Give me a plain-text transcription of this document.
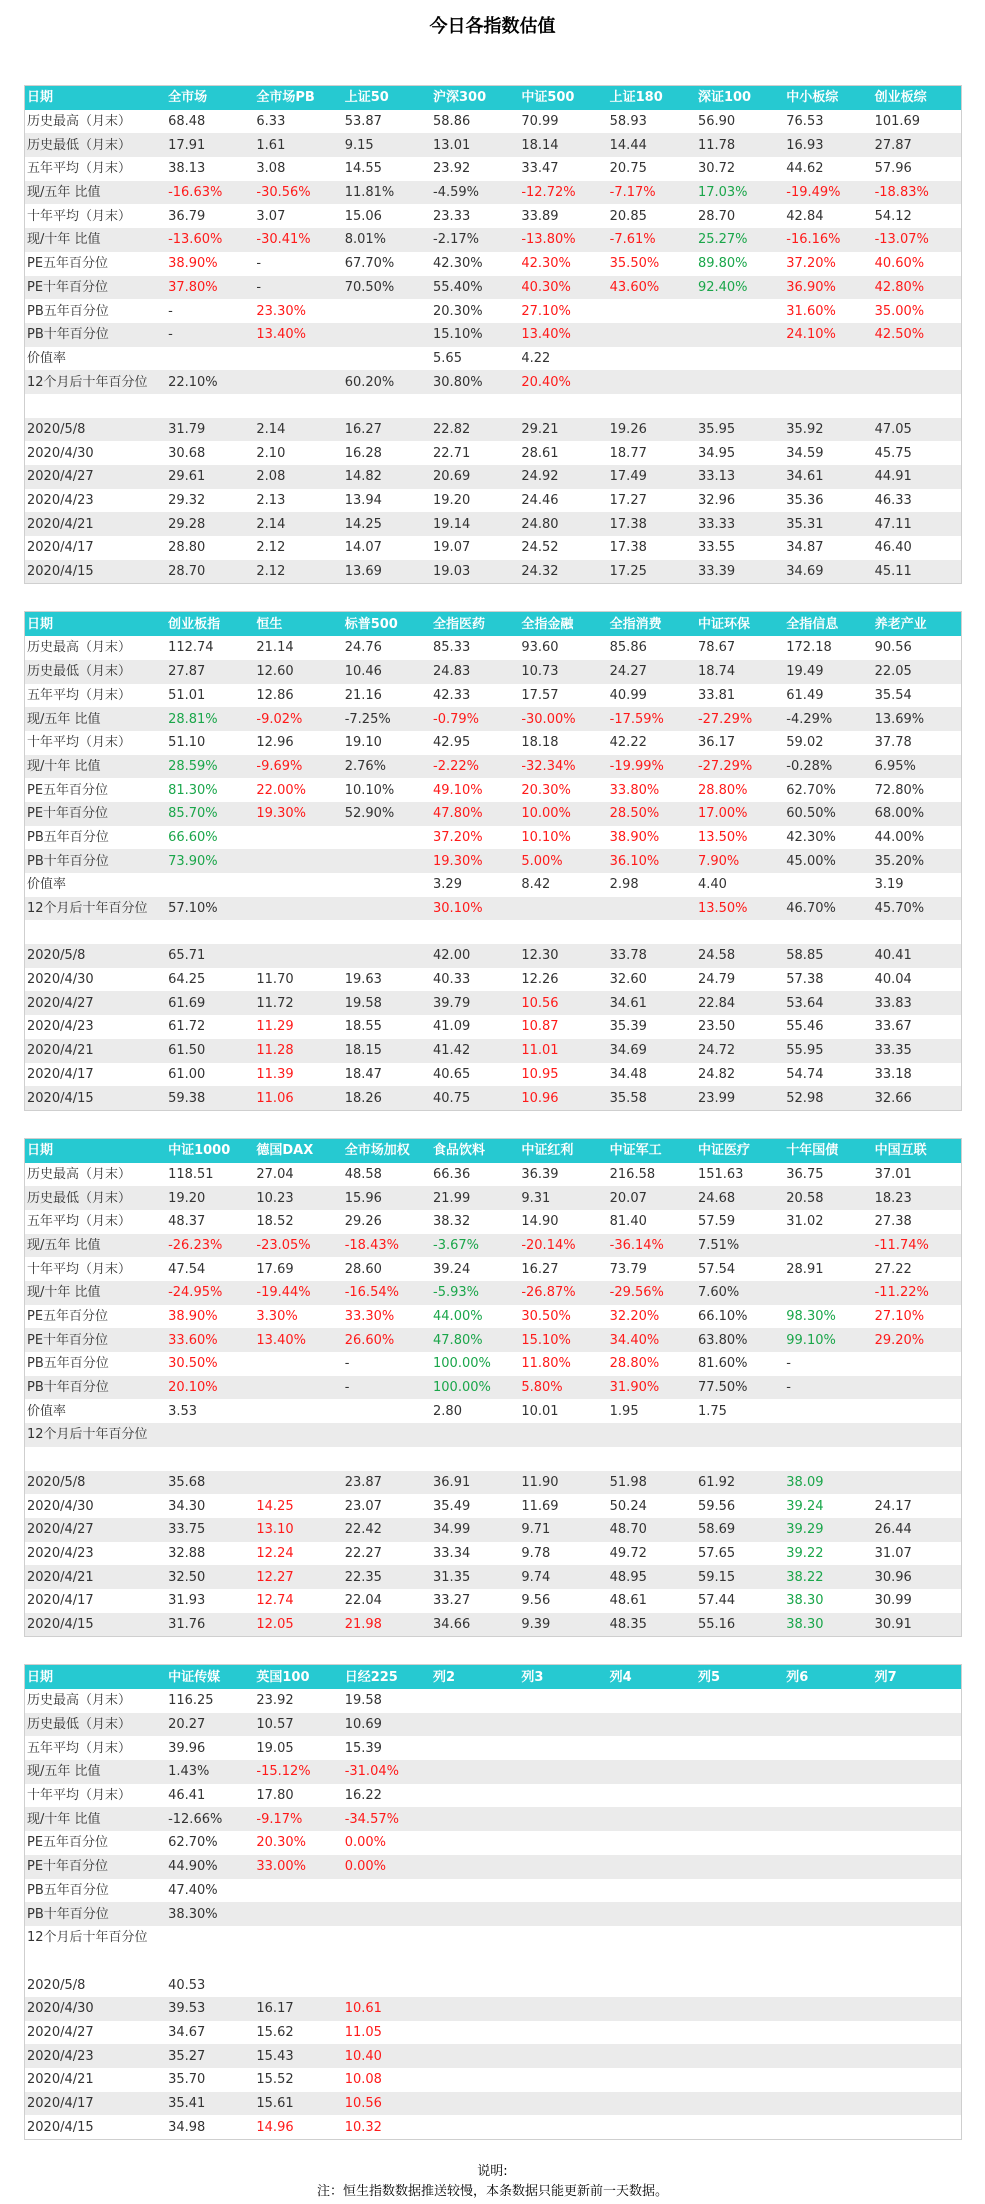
今日各指数估值
日期	全市场	全市场PB	上证50	沪深300	中证500	上证180	深证100	中小板综	创业板综
历史最高（月末）	68.48	6.33	53.87	58.86	70.99	58.93	56.90	76.53	101.69
历史最低（月末）	17.91	1.61	9.15	13.01	18.14	14.44	11.78	16.93	27.87
五年平均（月末）	38.13	3.08	14.55	23.92	33.47	20.75	30.72	44.62	57.96
现/五年 比值	-16.63%	-30.56%	11.81%	-4.59%	-12.72%	-7.17%	17.03%	-19.49%	-18.83%
十年平均（月末）	36.79	3.07	15.06	23.33	33.89	20.85	28.70	42.84	54.12
现/十年 比值	-13.60%	-30.41%	8.01%	-2.17%	-13.80%	-7.61%	25.27%	-16.16%	-13.07%
PE五年百分位	38.90%	-	67.70%	42.30%	42.30%	35.50%	89.80%	37.20%	40.60%
PE十年百分位	37.80%	-	70.50%	55.40%	40.30%	43.60%	92.40%	36.90%	42.80%
PB五年百分位	-	23.30%		20.30%	27.10%			31.60%	35.00%
PB十年百分位	-	13.40%		15.10%	13.40%			24.10%	42.50%
价值率				5.65	4.22				
12个月后十年百分位	22.10%		60.20%	30.80%	20.40%				

2020/5/8	31.79	2.14	16.27	22.82	29.21	19.26	35.95	35.92	47.05
2020/4/30	30.68	2.10	16.28	22.71	28.61	18.77	34.95	34.59	45.75
2020/4/27	29.61	2.08	14.82	20.69	24.92	17.49	33.13	34.61	44.91
2020/4/23	29.32	2.13	13.94	19.20	24.46	17.27	32.96	35.36	46.33
2020/4/21	29.28	2.14	14.25	19.14	24.80	17.38	33.33	35.31	47.11
2020/4/17	28.80	2.12	14.07	19.07	24.52	17.38	33.55	34.87	46.40
2020/4/15	28.70	2.12	13.69	19.03	24.32	17.25	33.39	34.69	45.11
日期	创业板指	恒生	标普500	全指医药	全指金融	全指消费	中证环保	全指信息	养老产业
历史最高（月末）	112.74	21.14	24.76	85.33	93.60	85.86	78.67	172.18	90.56
历史最低（月末）	27.87	12.60	10.46	24.83	10.73	24.27	18.74	19.49	22.05
五年平均（月末）	51.01	12.86	21.16	42.33	17.57	40.99	33.81	61.49	35.54
现/五年 比值	28.81%	-9.02%	-7.25%	-0.79%	-30.00%	-17.59%	-27.29%	-4.29%	13.69%
十年平均（月末）	51.10	12.96	19.10	42.95	18.18	42.22	36.17	59.02	37.78
现/十年 比值	28.59%	-9.69%	2.76%	-2.22%	-32.34%	-19.99%	-27.29%	-0.28%	6.95%
PE五年百分位	81.30%	22.00%	10.10%	49.10%	20.30%	33.80%	28.80%	62.70%	72.80%
PE十年百分位	85.70%	19.30%	52.90%	47.80%	10.00%	28.50%	17.00%	60.50%	68.00%
PB五年百分位	66.60%			37.20%	10.10%	38.90%	13.50%	42.30%	44.00%
PB十年百分位	73.90%			19.30%	5.00%	36.10%	7.90%	45.00%	35.20%
价值率				3.29	8.42	2.98	4.40		3.19
12个月后十年百分位	57.10%			30.10%			13.50%	46.70%	45.70%

2020/5/8	65.71			42.00	12.30	33.78	24.58	58.85	40.41
2020/4/30	64.25	11.70	19.63	40.33	12.26	32.60	24.79	57.38	40.04
2020/4/27	61.69	11.72	19.58	39.79	10.56	34.61	22.84	53.64	33.83
2020/4/23	61.72	11.29	18.55	41.09	10.87	35.39	23.50	55.46	33.67
2020/4/21	61.50	11.28	18.15	41.42	11.01	34.69	24.72	55.95	33.35
2020/4/17	61.00	11.39	18.47	40.65	10.95	34.48	24.82	54.74	33.18
2020/4/15	59.38	11.06	18.26	40.75	10.96	35.58	23.99	52.98	32.66
日期	中证1000	德国DAX	全市场加权	食品饮料	中证红利	中证军工	中证医疗	十年国债	中国互联
历史最高（月末）	118.51	27.04	48.58	66.36	36.39	216.58	151.63	36.75	37.01
历史最低（月末）	19.20	10.23	15.96	21.99	9.31	20.07	24.68	20.58	18.23
五年平均（月末）	48.37	18.52	29.26	38.32	14.90	81.40	57.59	31.02	27.38
现/五年 比值	-26.23%	-23.05%	-18.43%	-3.67%	-20.14%	-36.14%	7.51%		-11.74%
十年平均（月末）	47.54	17.69	28.60	39.24	16.27	73.79	57.54	28.91	27.22
现/十年 比值	-24.95%	-19.44%	-16.54%	-5.93%	-26.87%	-29.56%	7.60%		-11.22%
PE五年百分位	38.90%	3.30%	33.30%	44.00%	30.50%	32.20%	66.10%	98.30%	27.10%
PE十年百分位	33.60%	13.40%	26.60%	47.80%	15.10%	34.40%	63.80%	99.10%	29.20%
PB五年百分位	30.50%		-	100.00%	11.80%	28.80%	81.60%	-	
PB十年百分位	20.10%		-	100.00%	5.80%	31.90%	77.50%	-	
价值率	3.53			2.80	10.01	1.95	1.75		
12个月后十年百分位									

2020/5/8	35.68		23.87	36.91	11.90	51.98	61.92	38.09	
2020/4/30	34.30	14.25	23.07	35.49	11.69	50.24	59.56	39.24	24.17
2020/4/27	33.75	13.10	22.42	34.99	9.71	48.70	58.69	39.29	26.44
2020/4/23	32.88	12.24	22.27	33.34	9.78	49.72	57.65	39.22	31.07
2020/4/21	32.50	12.27	22.35	31.35	9.74	48.95	59.15	38.22	30.96
2020/4/17	31.93	12.74	22.04	33.27	9.56	48.61	57.44	38.30	30.99
2020/4/15	31.76	12.05	21.98	34.66	9.39	48.35	55.16	38.30	30.91
日期	中证传媒	英国100	日经225	列2	列3	列4	列5	列6	列7
历史最高（月末）	116.25	23.92	19.58						
历史最低（月末）	20.27	10.57	10.69						
五年平均（月末）	39.96	19.05	15.39						
现/五年 比值	1.43%	-15.12%	-31.04%						
十年平均（月末）	46.41	17.80	16.22						
现/十年 比值	-12.66%	-9.17%	-34.57%						
PE五年百分位	62.70%	20.30%	0.00%						
PE十年百分位	44.90%	33.00%	0.00%						
PB五年百分位	47.40%								
PB十年百分位	38.30%								
12个月后十年百分位									

2020/5/8	40.53								
2020/4/30	39.53	16.17	10.61						
2020/4/27	34.67	15.62	11.05						
2020/4/23	35.27	15.43	10.40						
2020/4/21	35.70	15.52	10.08						
2020/4/17	35.41	15.61	10.56						
2020/4/15	34.98	14.96	10.32						
说明:
注：恒生指数数据推送较慢，本条数据只能更新前一天数据。
